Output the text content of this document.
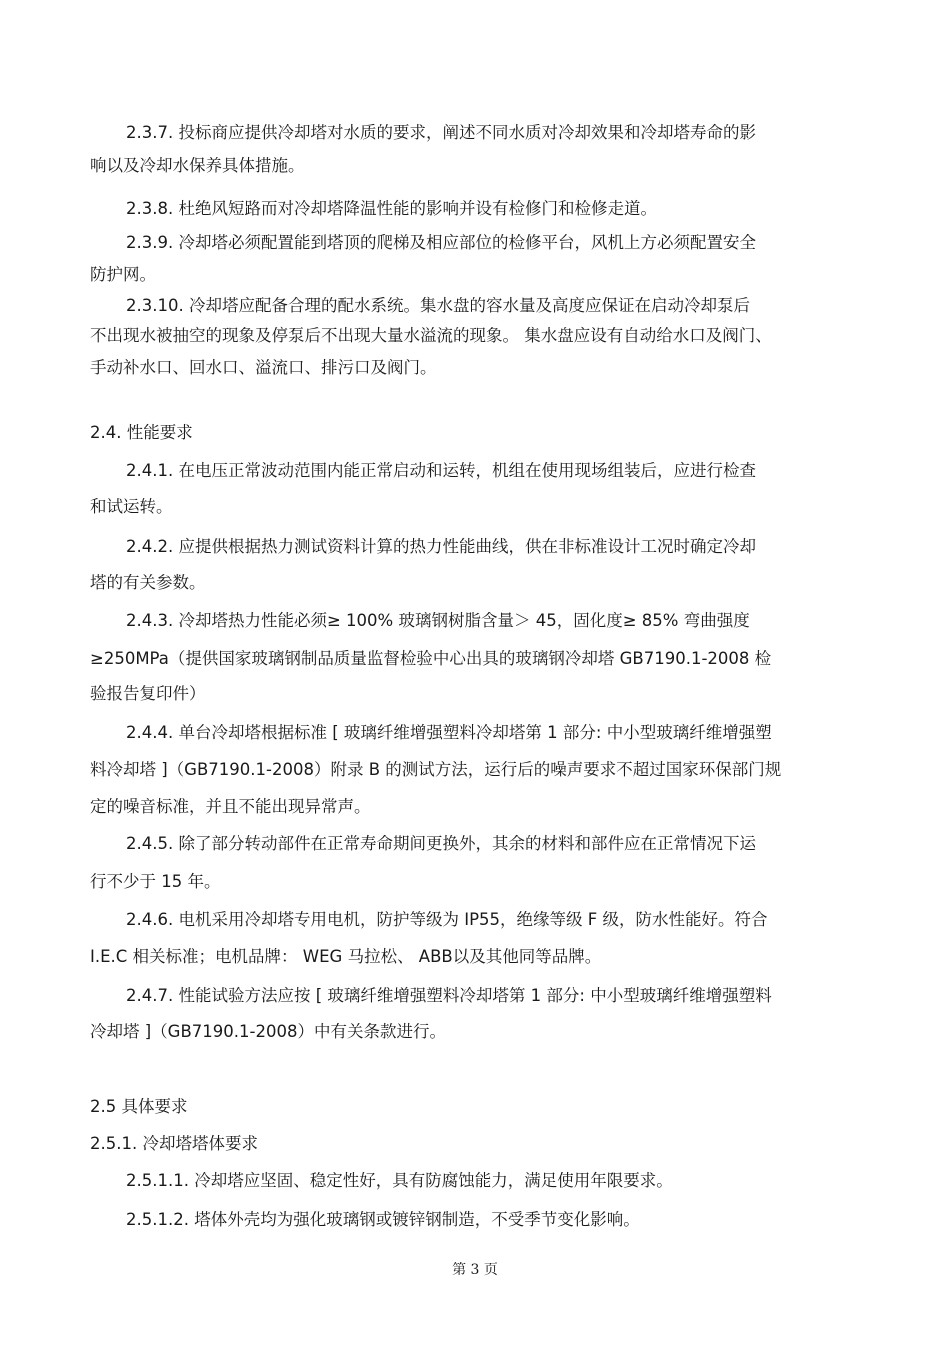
2.3.7. 投标商应提供冷却塔对水质的要求，阐述不同水质对冷却效果和冷却塔寿命的影

响以及冷却水保养具体措施。

2.3.8. 杜绝风短路而对冷却塔降温性能的影响并设有检修门和检修走道。

2.3.9. 冷却塔必须配置能到塔顶的爬梯及相应部位的检修平台，风机上方必须配置安全

防护网。

2.3.10. 冷却塔应配备合理的配水系统。集水盘的容水量及高度应保证在启动冷却泵后

不出现水被抽空的现象及停泵后不出现大量水溢流的现象。 集水盘应设有自动给水口及阀门、

手动补水口、回水口、溢流口、排污口及阀门。

2.4. 性能要求

2.4.1. 在电压正常波动范围内能正常启动和运转，机组在使用现场组装后，应进行检查

和试运转。

2.4.2. 应提供根据热力测试资料计算的热力性能曲线，供在非标准设计工况时确定冷却

塔的有关参数。

2.4.3. 冷却塔热力性能必须≥ 100% 玻璃钢树脂含量＞ 45，固化度≥ 85% 弯曲强度

≥250MPa（提供国家玻璃钢制品质量监督检验中心出具的玻璃钢冷却塔 GB7190.1-2008 检

验报告复印件）

2.4.4. 单台冷却塔根据标准 [ 玻璃纤维增强塑料冷却塔第 1 部分: 中小型玻璃纤维增强塑

料冷却塔 ]（GB7190.1-2008）附录 B 的测试方法，运行后的噪声要求不超过国家环保部门规

定的噪音标准，并且不能出现异常声。

2.4.5. 除了部分转动部件在正常寿命期间更换外，其余的材料和部件应在正常情况下运

行不少于 15 年。

2.4.6. 电机采用冷却塔专用电机，防护等级为 IP55，绝缘等级 F 级，防水性能好。符合

I.E.C 相关标准；电机品牌： WEG 马拉松、 ABB以及其他同等品牌。

2.4.7. 性能试验方法应按 [ 玻璃纤维增强塑料冷却塔第 1 部分: 中小型玻璃纤维增强塑料

冷却塔 ]（GB7190.1-2008）中有关条款进行。

2.5 具体要求

2.5.1. 冷却塔塔体要求

2.5.1.1. 冷却塔应坚固、稳定性好，具有防腐蚀能力，满足使用年限要求。

2.5.1.2. 塔体外壳均为强化玻璃钢或镀锌钢制造，不受季节变化影响。

第 3 页
